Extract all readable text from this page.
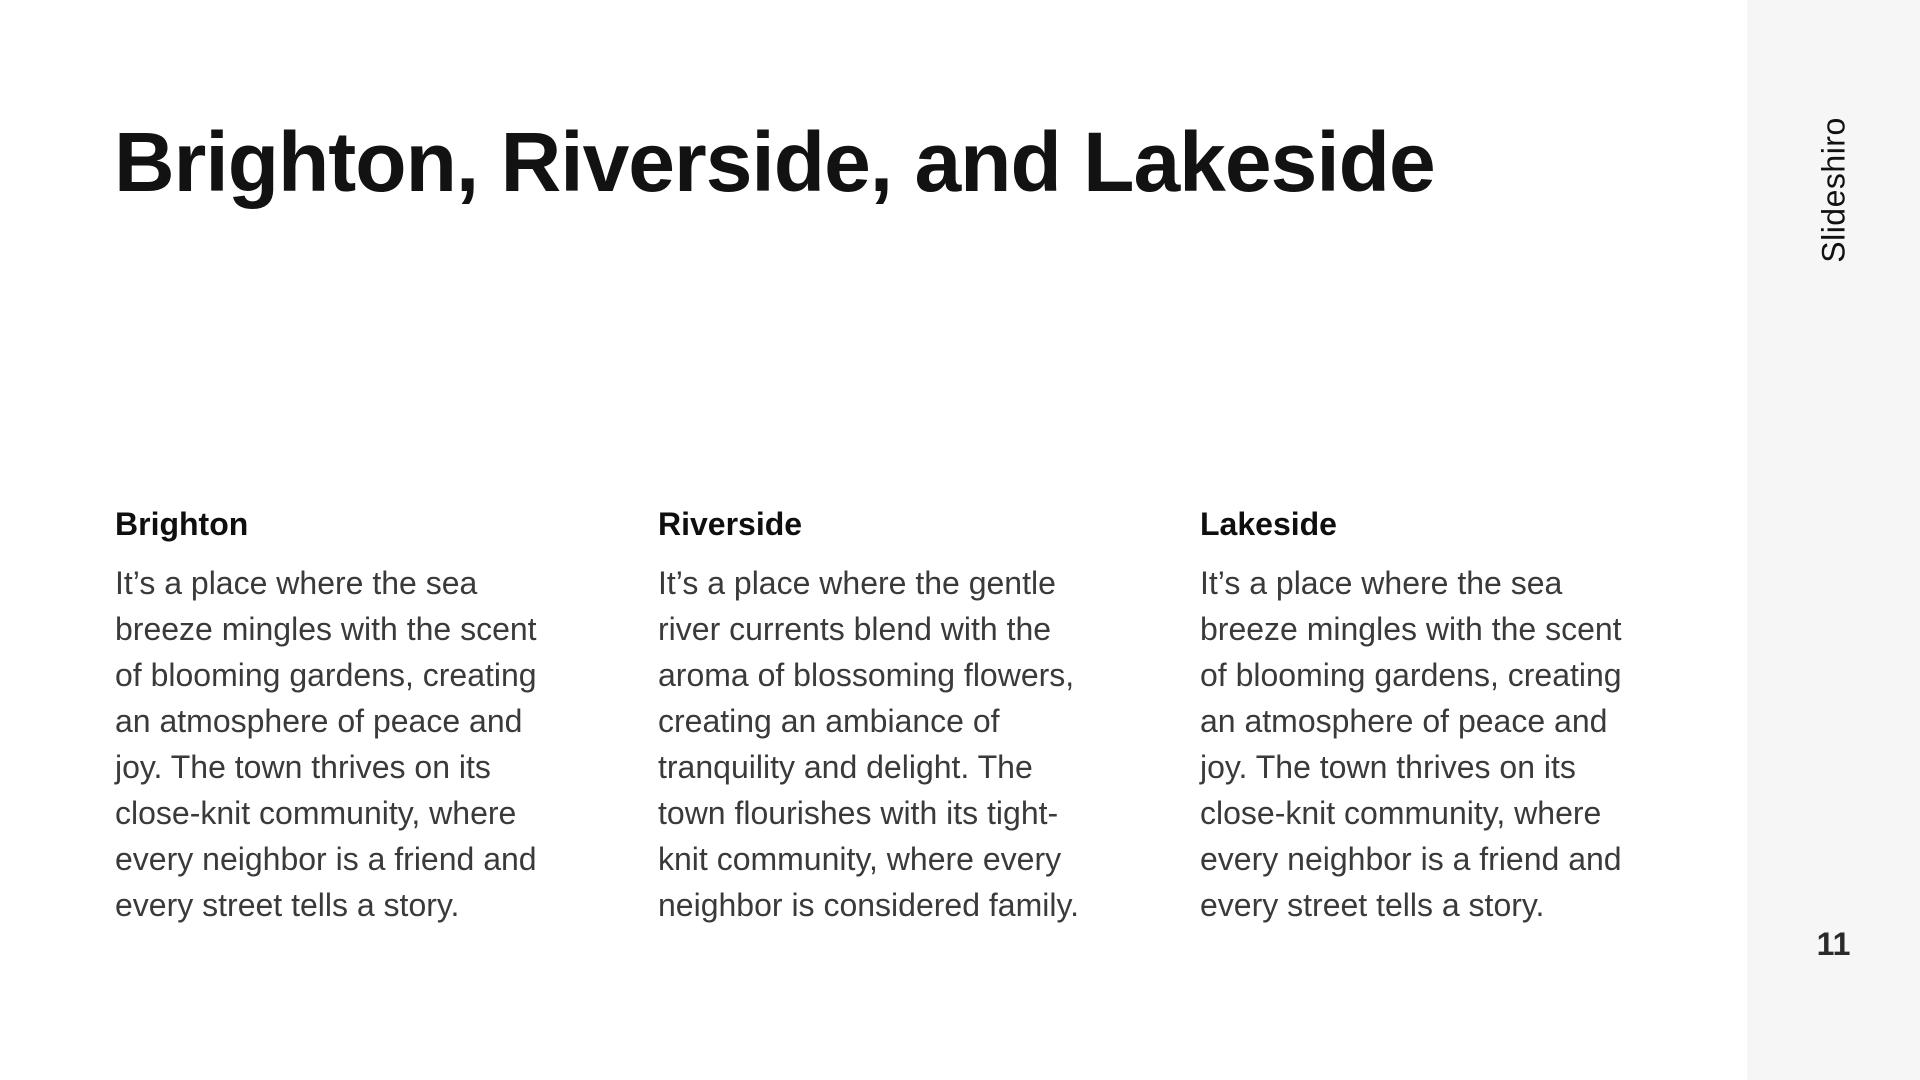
Brighton, Riverside, and Lakeside
Brighton

It’s a place where the sea breeze mingles with the scent of blooming gardens, creating an atmosphere of peace and joy. The town thrives on its close-knit community, where every neighbor is a friend and every street tells a story.

Riverside

It’s a place where the gentle river currents blend with the aroma of blossoming flowers, creating an ambiance of tranquility and delight. The town flourishes with its tight-knit community, where every neighbor is considered family.

Lakeside

It’s a place where the sea breeze mingles with the scent of blooming gardens, creating an atmosphere of peace and joy. The town thrives on its close-knit community, where every neighbor is a friend and every street tells a story.

Slideshiro
11
